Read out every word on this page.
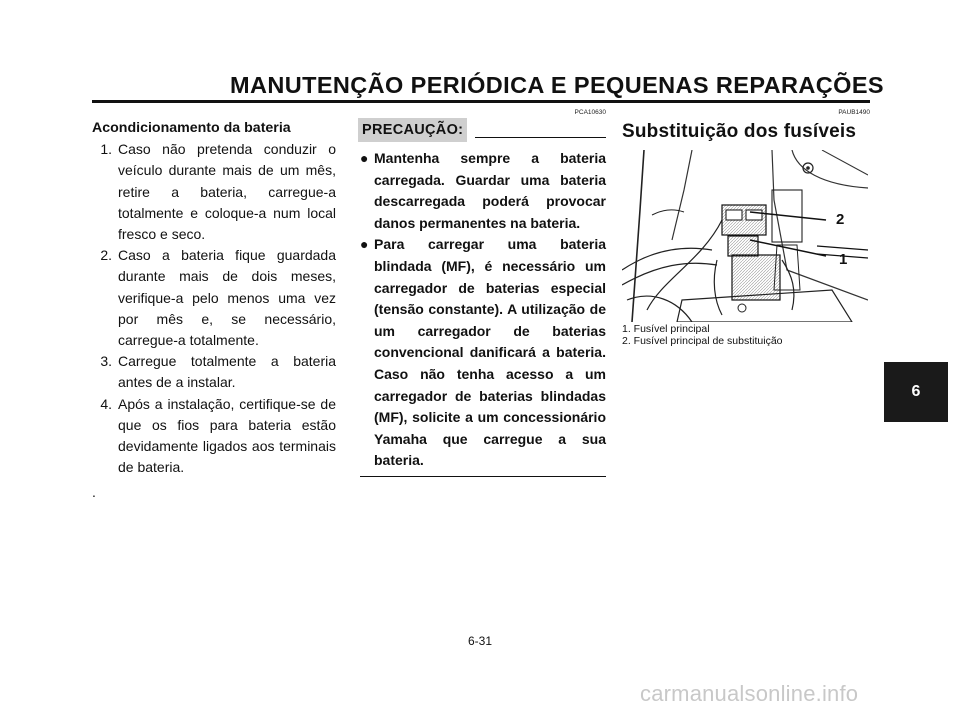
MANUTENÇÃO PERIÓDICA E PEQUENAS REPARAÇÕES
Acondicionamento da bateria
1. Caso não pretenda conduzir o veículo durante mais de um mês, retire a bateria, carregue-a totalmente e coloque-a num local fresco e seco.
2. Caso a bateria fique guardada durante mais de dois meses, verifique-a pelo menos uma vez por mês e, se necessário, carregue-a totalmente.
3. Carregue totalmente a bateria antes de a instalar.
4. Após a instalação, certifique-se de que os fios para bateria estão devidamente ligados aos terminais de bateria.
.
PCA10630
PRECAUÇÃO:
● Mantenha sempre a bateria carregada. Guardar uma bateria descarregada poderá provocar danos permanentes na bateria.
● Para carregar uma bateria blindada (MF), é necessário um carregador de baterias especial (tensão constante). A utilização de um carregador de baterias convencional danificará a bateria. Caso não tenha acesso a um carregador de baterias blindadas (MF), solicite a um concessionário Yamaha que carregue a sua bateria.
PAUB1490
Substituição dos fusíveis
2
1
1. Fusível principal
2. Fusível principal de substituição
6
6-31
carmanualsonline.info
